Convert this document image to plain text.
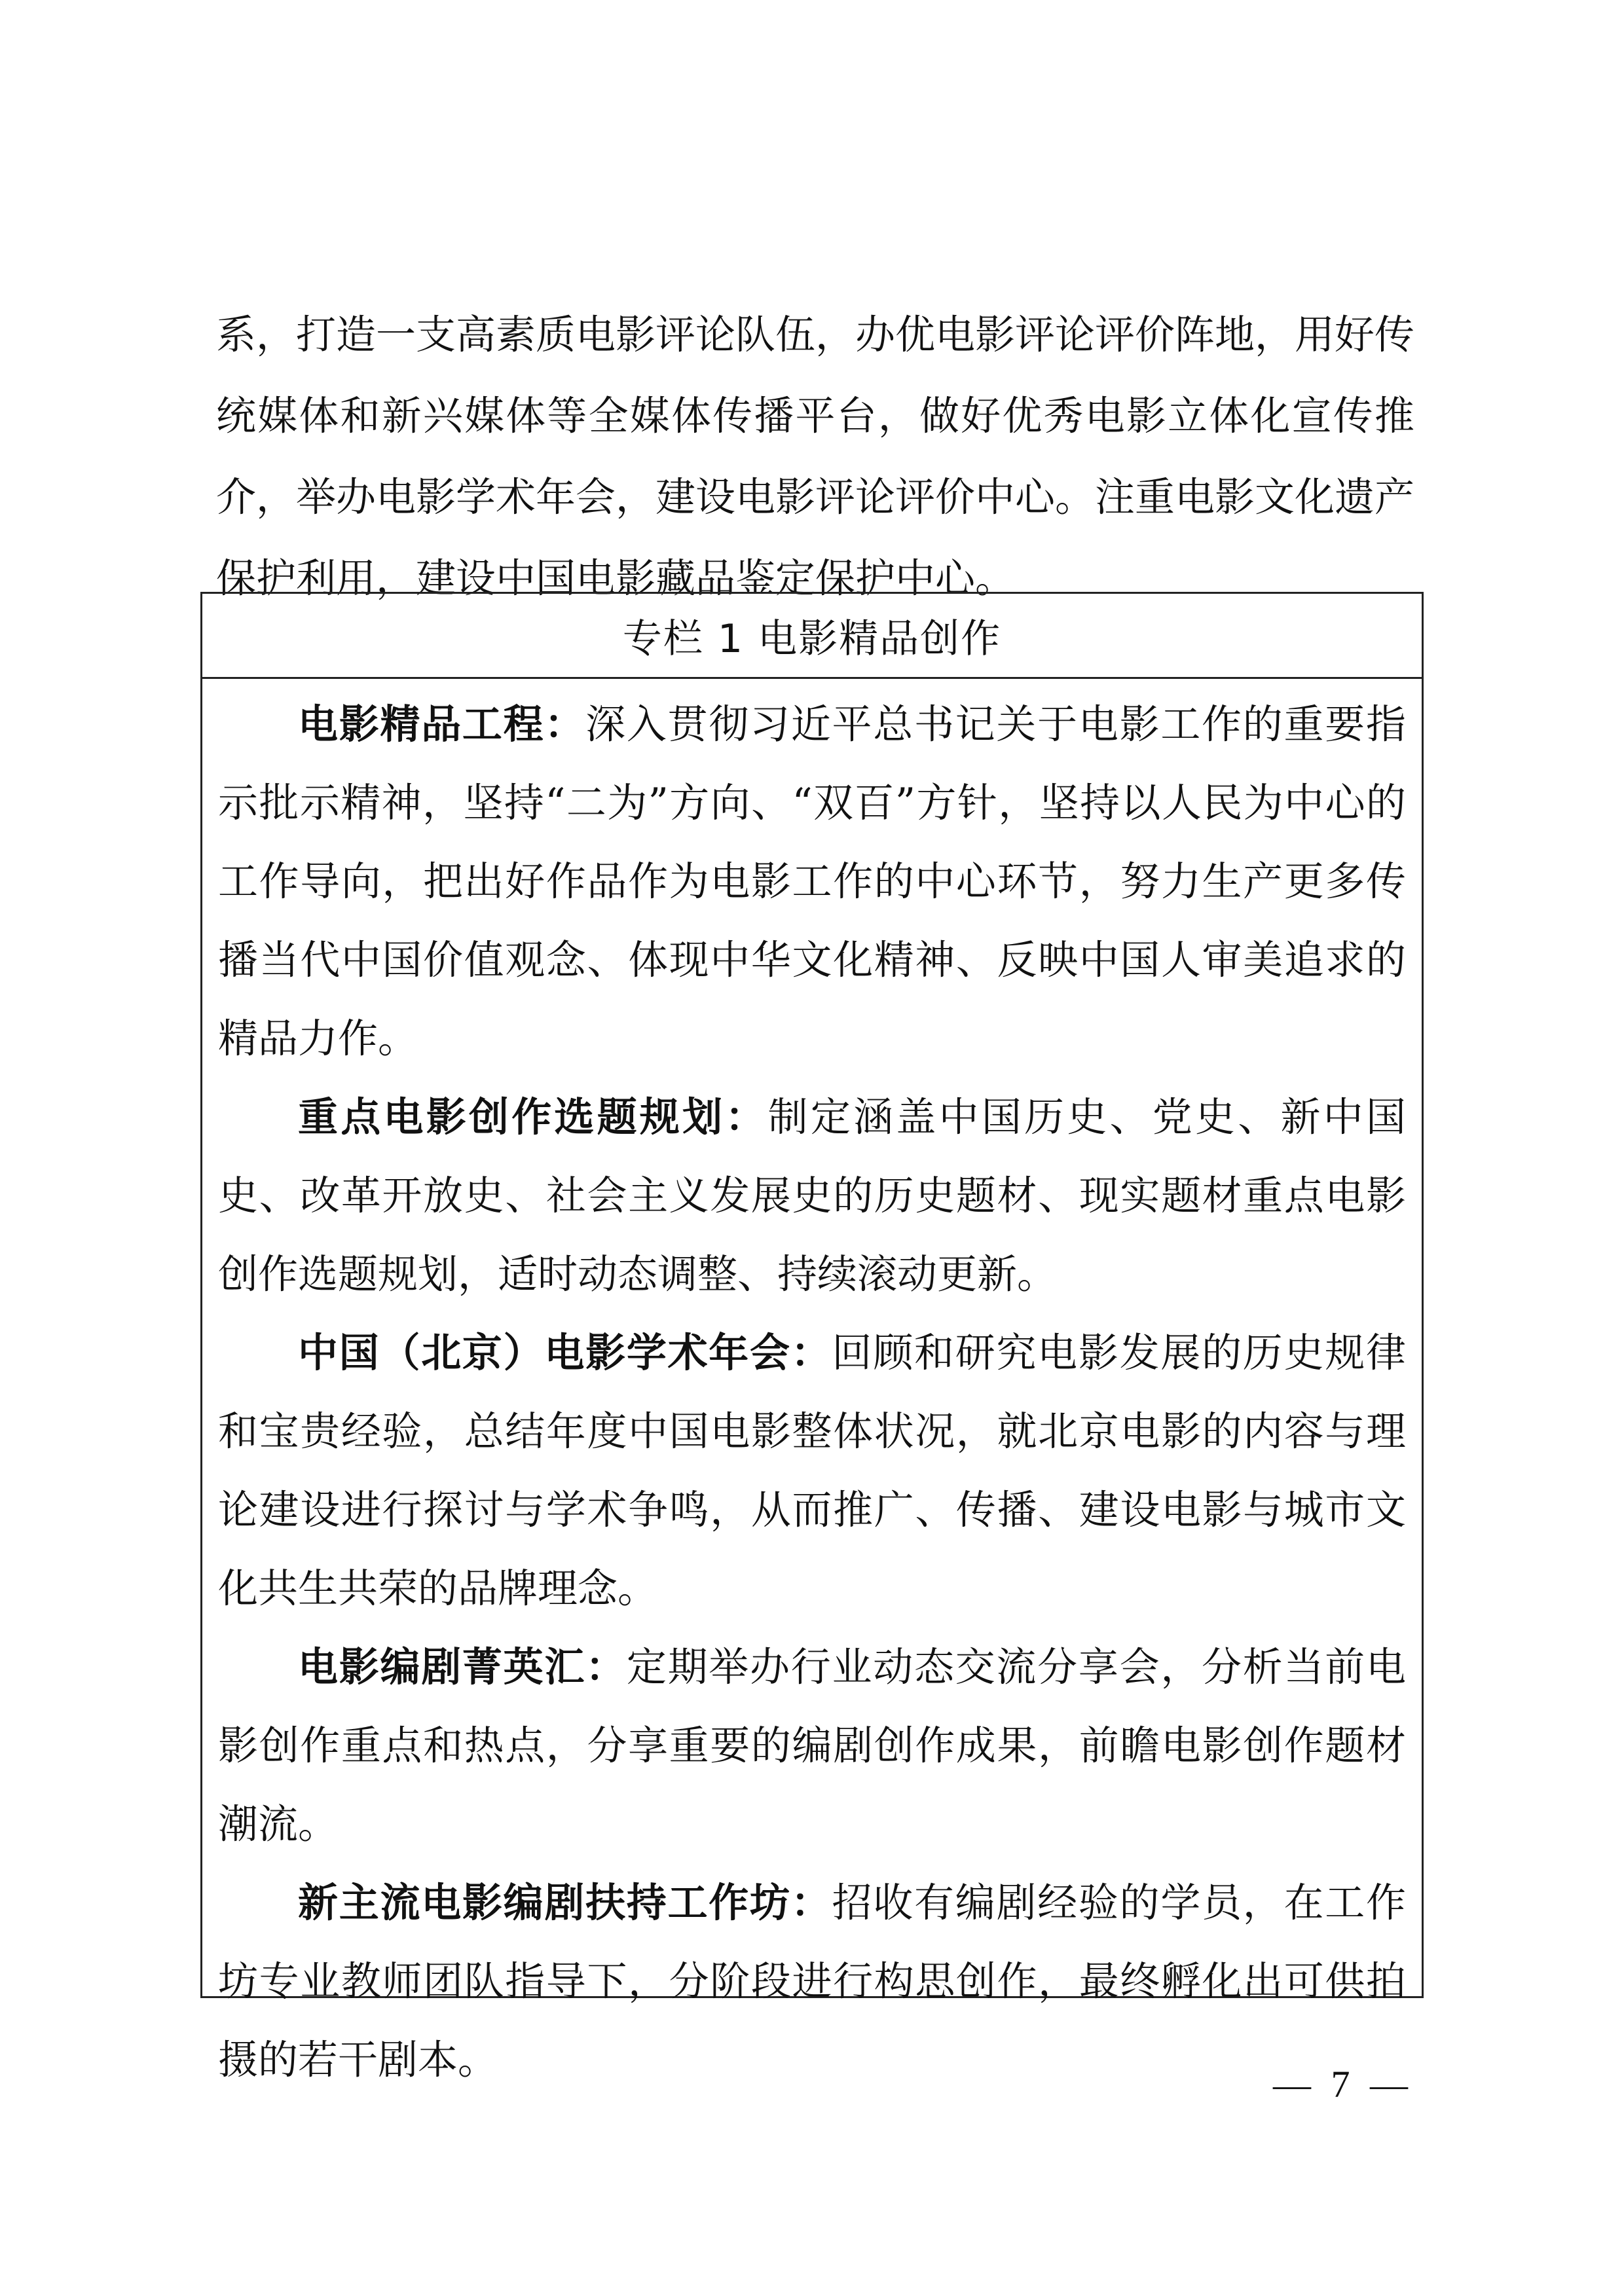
系，打造一支高素质电影评论队伍，办优电影评论评价阵地，用好传统媒体和新兴媒体等全媒体传播平台，做好优秀电影立体化宣传推介，举办电影学术年会，建设电影评论评价中心。注重电影文化遗产保护利用，建设中国电影藏品鉴定保护中心。

专栏 1 电影精品创作

电影精品工程：深入贯彻习近平总书记关于电影工作的重要指示批示精神，坚持“二为”方向、“双百”方针，坚持以人民为中心的工作导向，把出好作品作为电影工作的中心环节，努力生产更多传播当代中国价值观念、体现中华文化精神、反映中国人审美追求的精品力作。

重点电影创作选题规划：制定涵盖中国历史、党史、新中国史、改革开放史、社会主义发展史的历史题材、现实题材重点电影创作选题规划，适时动态调整、持续滚动更新。

中国（北京）电影学术年会：回顾和研究电影发展的历史规律和宝贵经验，总结年度中国电影整体状况，就北京电影的内容与理论建设进行探讨与学术争鸣，从而推广、传播、建设电影与城市文化共生共荣的品牌理念。

电影编剧菁英汇：定期举办行业动态交流分享会，分析当前电影创作重点和热点，分享重要的编剧创作成果，前瞻电影创作题材潮流。

新主流电影编剧扶持工作坊：招收有编剧经验的学员，在工作坊专业教师团队指导下，分阶段进行构思创作，最终孵化出可供拍摄的若干剧本。

— 7 —
